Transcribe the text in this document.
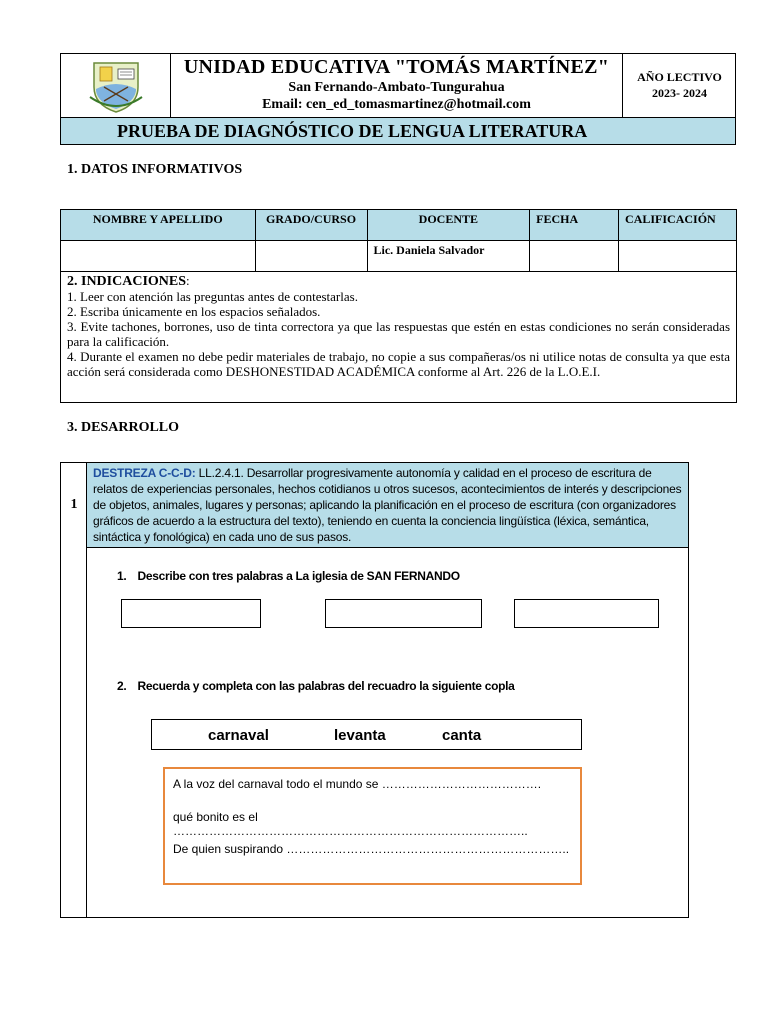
UNIDAD EDUCATIVA "TOMÁS MARTÍNEZ"
San Fernando-Ambato-Tungurahua
Email: cen_ed_tomasmartinez@hotmail.com
AÑO LECTIVO
2023- 2024
PRUEBA DE DIAGNÓSTICO DE LENGUA LITERATURA
1. DATOS INFORMATIVOS
NOMBRE Y APELLIDO	GRADO/CURSO	DOCENTE	FECHA	CALIFICACIÓN
		Lic. Daniela Salvador		
2. INDICACIONES:
1. Leer con atención las preguntas antes de contestarlas.
2. Escriba únicamente en los espacios señalados.
3. Evite tachones, borrones, uso de tinta correctora ya que las respuestas que estén en estas condiciones no serán consideradas para la calificación.
4. Durante el examen no debe pedir materiales de trabajo, no copie a sus compañeras/os ni utilice notas de consulta ya que esta acción será considerada como DESHONESTIDAD ACADÉMICA conforme al Art. 226 de la L.O.E.I.
3. DESARROLLO
1
DESTREZA C-C-D: LL.2.4.1. Desarrollar progresivamente autonomía y calidad en el proceso de escritura de relatos de experiencias personales, hechos cotidianos u otros sucesos, acontecimientos de interés y descripciones de objetos, animales, lugares y personas; aplicando la planificación en el proceso de escritura (con organizadores gráficos de acuerdo a la estructura del texto), teniendo en cuenta la conciencia lingüística (léxica, semántica, sintáctica y fonológica) en cada uno de sus pasos.
1. Describe con tres palabras a La iglesia de SAN FERNANDO
2. Recuerda y completa con las palabras del recuadro la siguiente copla
carnaval	levanta	canta
A la voz del carnaval todo el mundo se ………………………………….
qué bonito es el ……………………………………………………………………………..
De quien suspirando ……………………………………………………………..
